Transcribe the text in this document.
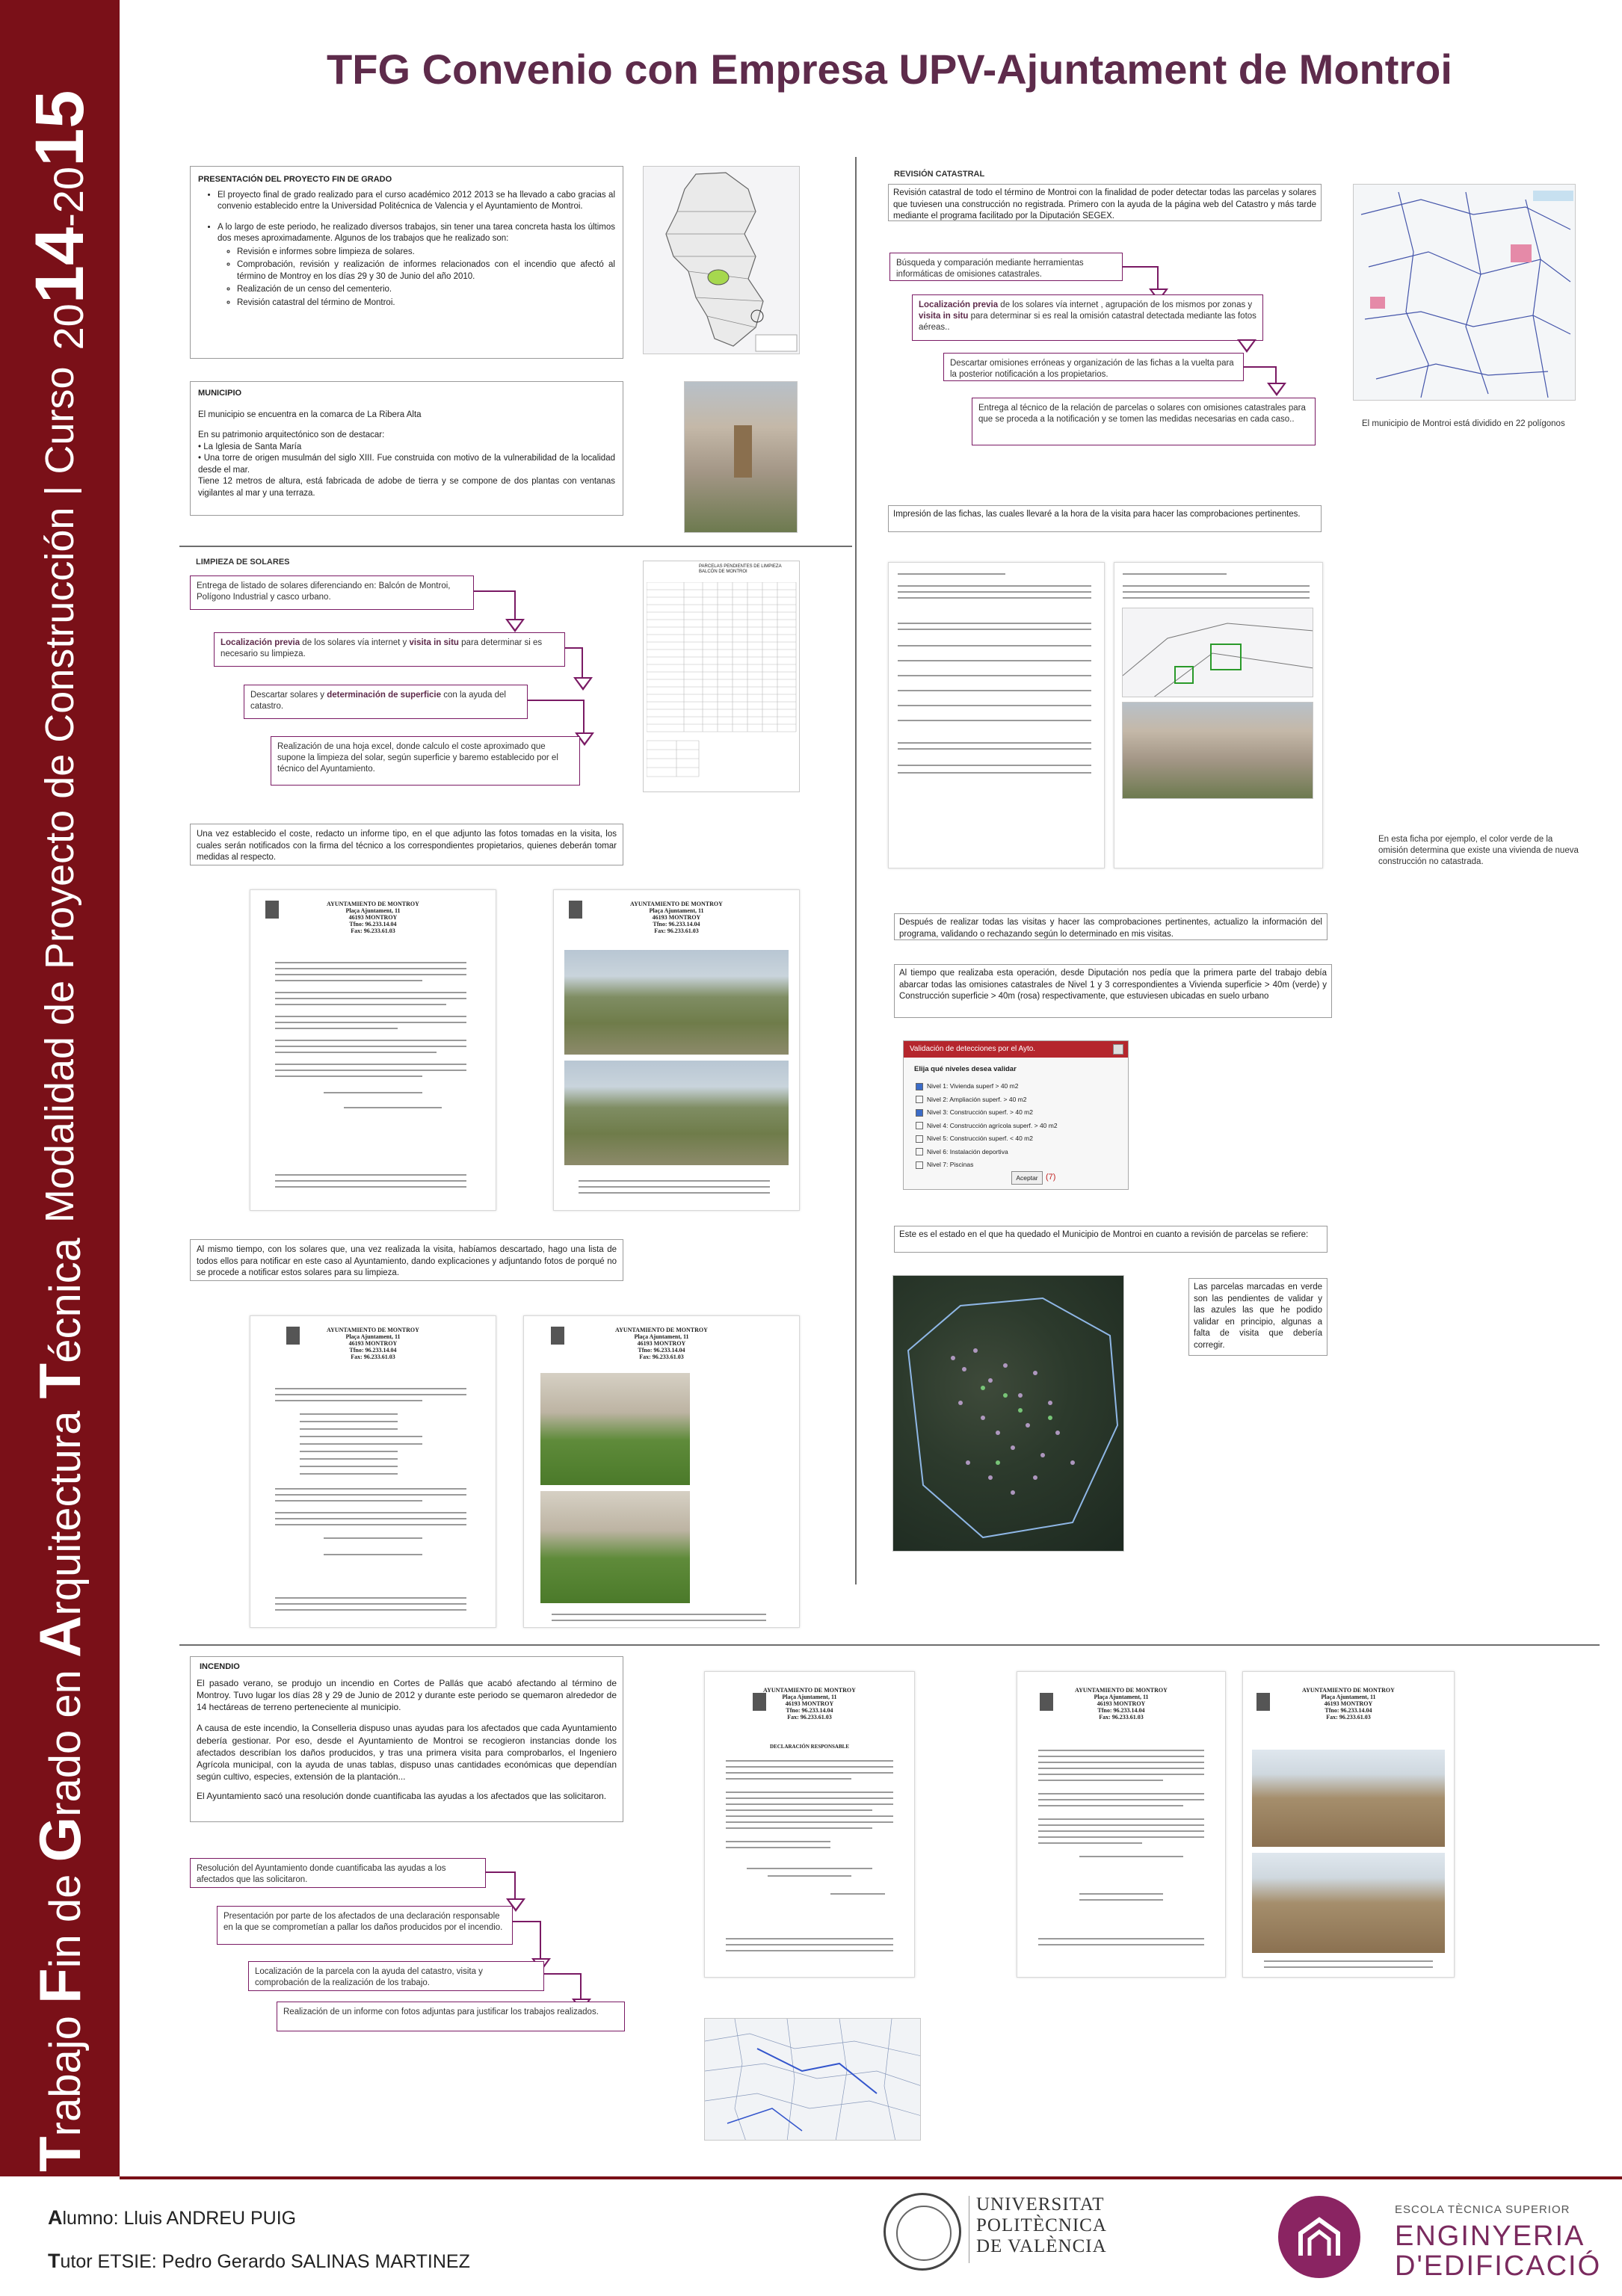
Trabajo Fin de Grado en Arquitectura Técnica
Modalidad de Proyecto de Construcción | Curso
2014-2015
TFG Convenio con Empresa UPV-Ajuntament de Montroi
PRESENTACIÓN DEL PROYECTO FIN DE GRADO
• El proyecto final de grado realizado para el curso académico 2012 2013 se ha llevado a cabo gracias al convenio establecido entre la Universidad Politécnica de Valencia y el Ayuntamiento de Montroi.
• A lo largo de este periodo, he realizado diversos trabajos, sin tener una tarea concreta hasta los últimos dos meses aproximadamente. Algunos de los trabajos que he realizado son:
◦ Revisión e informes sobre limpieza de solares.
◦ Comprobación, revisión y realización de informes relacionados con el incendio que afectó al término de Montroy en los días 29 y 30 de Junio del año 2010.
◦ Realización de un censo del cementerio.
◦ Revisión catastral del término de Montroi.
MUNICIPIO

El municipio se encuentra en la comarca de La Ribera Alta

En su patrimonio arquitectónico son de destacar:

• La Iglesia de Santa María

• Una torre de origen musulmán del siglo XIII. Fue construida con motivo de la vulnerabilidad de la localidad desde el mar.

Tiene 12 metros de altura, está fabricada de adobe de tierra y se compone de dos plantas con ventanas vigilantes al mar y una terraza.

LIMPIEZA DE SOLARES
Entrega de listado de solares diferenciando en: Balcón de Montroi, Polígono Industrial y casco urbano.
Localización previa de los solares vía internet y visita in situ para determinar si es necesario su limpieza.
Descartar solares y determinación de superficie con la ayuda del catastro.
Realización de una hoja excel, donde calculo el coste aproximado que supone la limpieza del solar, según superficie y baremo establecido por el técnico del Ayuntamiento.
PARCELAS PENDIENTES DE LIMPIEZA BALCÓN DE MONTROI

Una vez establecido el coste, redacto un informe tipo, en el que adjunto las fotos tomadas en la visita, los cuales serán notificados con la firma del técnico a los correspondientes propietarios, quienes deberán tomar medidas al respecto.

AYUNTAMIENTO DE MONTROY
Plaça Ajuntament, 11
46193 MONTROY
Tfno: 96.233.14.04
Fax: 96.233.61.03
AYUNTAMIENTO DE MONTROY
Plaça Ajuntament, 11
46193 MONTROY
Tfno: 96.233.14.04
Fax: 96.233.61.03

Al mismo tiempo, con los solares que, una vez realizada la visita, habíamos descartado, hago una lista de todos ellos para notificar en este caso al Ayuntamiento, dando explicaciones y adjuntando fotos de porqué no se procede a notificar estos solares para su limpieza.

AYUNTAMIENTO DE MONTROY
Plaça Ajuntament, 11
46193 MONTROY
Tfno: 96.233.14.04
Fax: 96.233.61.03
AYUNTAMIENTO DE MONTROY
Plaça Ajuntament, 11
46193 MONTROY
Tfno: 96.233.14.04
Fax: 96.233.61.03
REVISIÓN CATASTRAL

Revisión catastral de todo el término de Montroi con la finalidad de poder detectar todas las parcelas y solares que tuviesen una construcción no registrada. Primero con la ayuda de la página web del Catastro y más tarde mediante el programa facilitado por la Diputación SEGEX.

Búsqueda y comparación mediante herramientas informáticas de omisiones catastrales.
Localización previa de los solares vía internet , agrupación de los mismos por zonas y visita in situ para determinar si es real la omisión catastral detectada mediante las fotos aéreas..
Descartar omisiones erróneas y organización de las fichas a la vuelta para la posterior notificación a los propietarios.
Entrega al técnico de la relación de parcelas o solares con omisiones catastrales para que se proceda a la notificación y se tomen las medidas necesarias en cada caso..
El municipio de Montroi está dividido en 22 polígonos

Impresión de las fichas, las cuales llevaré a la hora de la visita para hacer las comprobaciones pertinentes.

En esta ficha por ejemplo, el color verde de la omisión determina que existe una vivienda de nueva construcción no catastrada.

Después de realizar todas las visitas y hacer las comprobaciones pertinentes, actualizo la información del programa, validando o rechazando según lo determinado en mis visitas.

Al tiempo que realizaba esta operación, desde Diputación nos pedía que la primera parte del trabajo debía abarcar todas las omisiones catastrales de Nivel 1 y 3 correspondientes a Vivienda superficie > 40m (verde) y Construcción superficie > 40m (rosa) respectivamente, que estuviesen ubicadas en suelo urbano

Validación de detecciones por el Ayto.
Elija qué niveles desea validar
Nivel 1: Vivienda superf > 40 m2
Nivel 2: Ampliación superf. > 40 m2
Nivel 3: Construcción superf. > 40 m2
Nivel 4: Construcción agrícola superf. > 40 m2
Nivel 5: Construcción superf. < 40 m2
Nivel 6: Instalación deportiva
Nivel 7: Piscinas
Aceptar (7)

Este es el estado en el que ha quedado el Municipio de Montroi en cuanto a revisión de parcelas se refiere:

Las parcelas marcadas en verde son las pendientes de validar y las azules las que he podido validar en principio, algunas a falta de visita que debería corregir.

INCENDIO

El pasado verano, se produjo un incendio en Cortes de Pallás que acabó afectando al término de Montroy. Tuvo lugar los días 28 y 29 de Junio de 2012 y durante este periodo se quemaron alrededor de 14 hectáreas de terreno perteneciente al municipio.

A causa de este incendio, la Conselleria dispuso unas ayudas para los afectados que cada Ayuntamiento debería gestionar. Por eso, desde el Ayuntamiento de Montroi se recogieron instancias donde los afectados describían los daños producidos, y tras una primera visita para comprobarlos, el Ingeniero Agrícola municipal, con la ayuda de unas tablas, dispuso unas cantidades económicas que dependían según cultivo, especies, extensión de la plantación...

El Ayuntamiento sacó una resolución donde cuantificaba las ayudas a los afectados que las solicitaron.

Resolución del Ayuntamiento donde cuantificaba las ayudas a los afectados que las solicitaron.
Presentación por parte de los afectados de una declaración responsable en la que se comprometían a pallar los daños producidos por el incendio.
Localización de la parcela con la ayuda del catastro, visita y comprobación de la realización de los trabajo.
Realización de un informe con fotos adjuntas para justificar los trabajos realizados.
AYUNTAMIENTO DE MONTROY
Plaça Ajuntament, 11
46193 MONTROY
Tfno: 96.233.14.04
Fax: 96.233.61.03
DECLARACIÓN RESPONSABLE
AYUNTAMIENTO DE MONTROY
Plaça Ajuntament, 11
46193 MONTROY
Tfno: 96.233.14.04
Fax: 96.233.61.03
AYUNTAMIENTO DE MONTROY
Plaça Ajuntament, 11
46193 MONTROY
Tfno: 96.233.14.04
Fax: 96.233.61.03
Alumno: Lluis ANDREU PUIG
Tutor ETSIE: Pedro Gerardo SALINAS MARTINEZ
UNIVERSITAT
POLITÈCNICA
DE VALÈNCIA
ESCOLA TÈCNICA SUPERIOR
ENGINYERIA
D'EDIFICACIÓ
